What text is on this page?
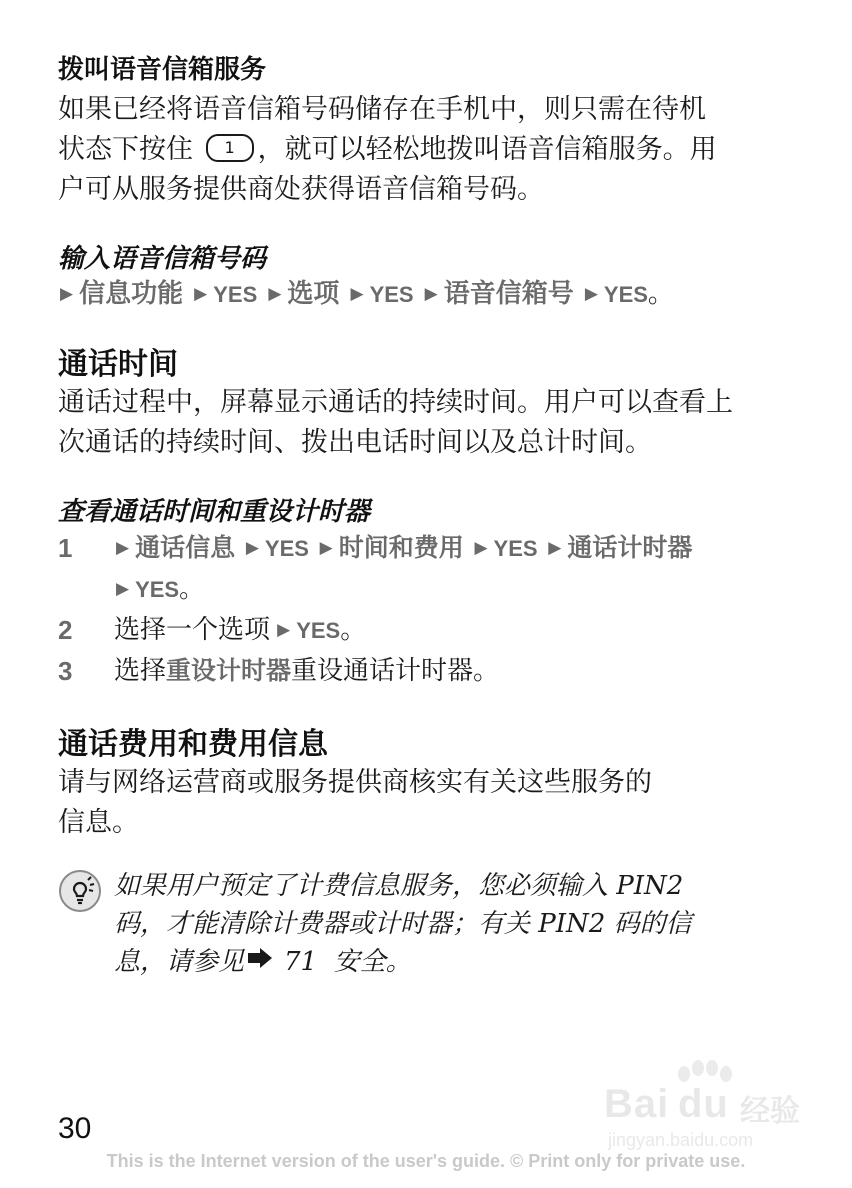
拨叫语音信箱服务

如果已经将语音信箱号码储存在手机中，则只需在待机
状态下按住 1 ，就可以轻松地拨叫语音信箱服务。用
户可从服务提供商处获得语音信箱号码。

输入语音信箱号码
▶ 信息功能 ▶ YES ▶ 选项 ▶ YES ▶ 语音信箱号 ▶ YES。
通话时间

通话过程中，屏幕显示通话的持续时间。用户可以查看上
次通话的持续时间、拨出电话时间以及总计时间。

查看通话时间和重设计时器
1	▶ 通话信息 ▶ YES ▶ 时间和费用 ▶ YES ▶ 通话计时器
▶ YES。
2	选择一个选项 ▶ YES。
3	选择重设计时器重设通话计时器。
通话费用和费用信息

请与网络运营商或服务提供商核实有关这些服务的
信息。

如果用户预定了计费信息服务，您必须输入 PIN2
码，才能清除计费器或计时器；有关 PIN2 码的信
息，请参见 71 安全。
Bai du 经验
jingyan.baidu.com
30
This is the Internet version of the user's guide. © Print only for private use.
